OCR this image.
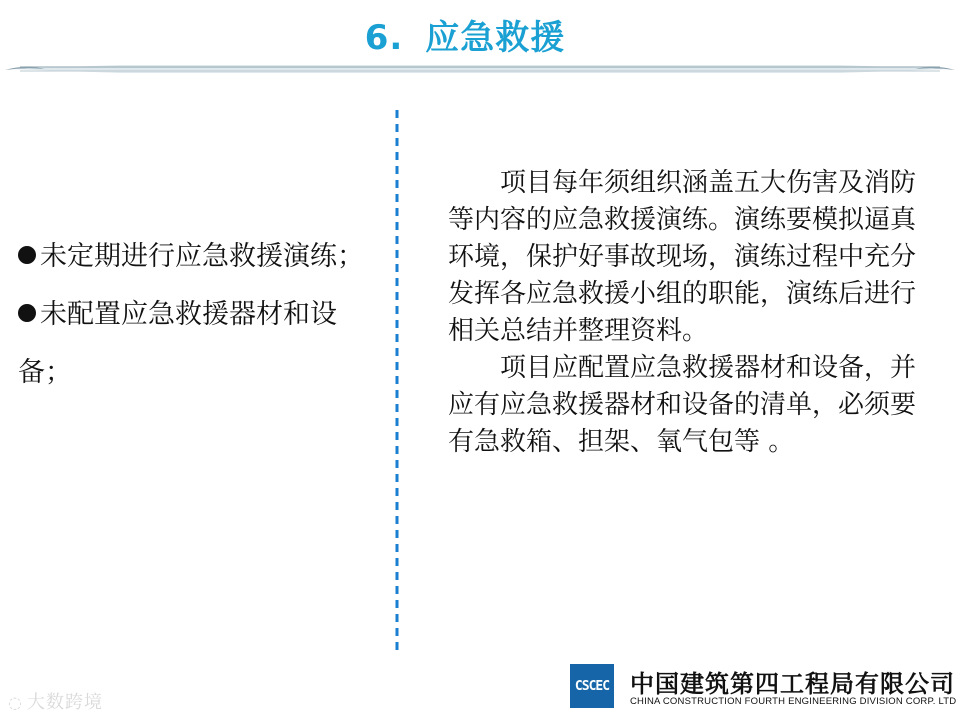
6. 应急救援

未定期进行应急救援演练；

未配置应急救援器材和设备；

项目每年须组织涵盖五大伤害及消防等内容的应急救援演练。演练要模拟逼真环境，保护好事故现场，演练过程中充分发挥各应急救援小组的职能，演练后进行相关总结并整理资料。

项目应配置应急救援器材和设备，并应有应急救援器材和设备的清单，必须要有急救箱、担架、氧气包等 。

◌ 大数跨境
CSCEC 中国建筑第四工程局有限公司
CHINA CONSTRUCTION FOURTH ENGINEERING DIVISION CORP. LTD
